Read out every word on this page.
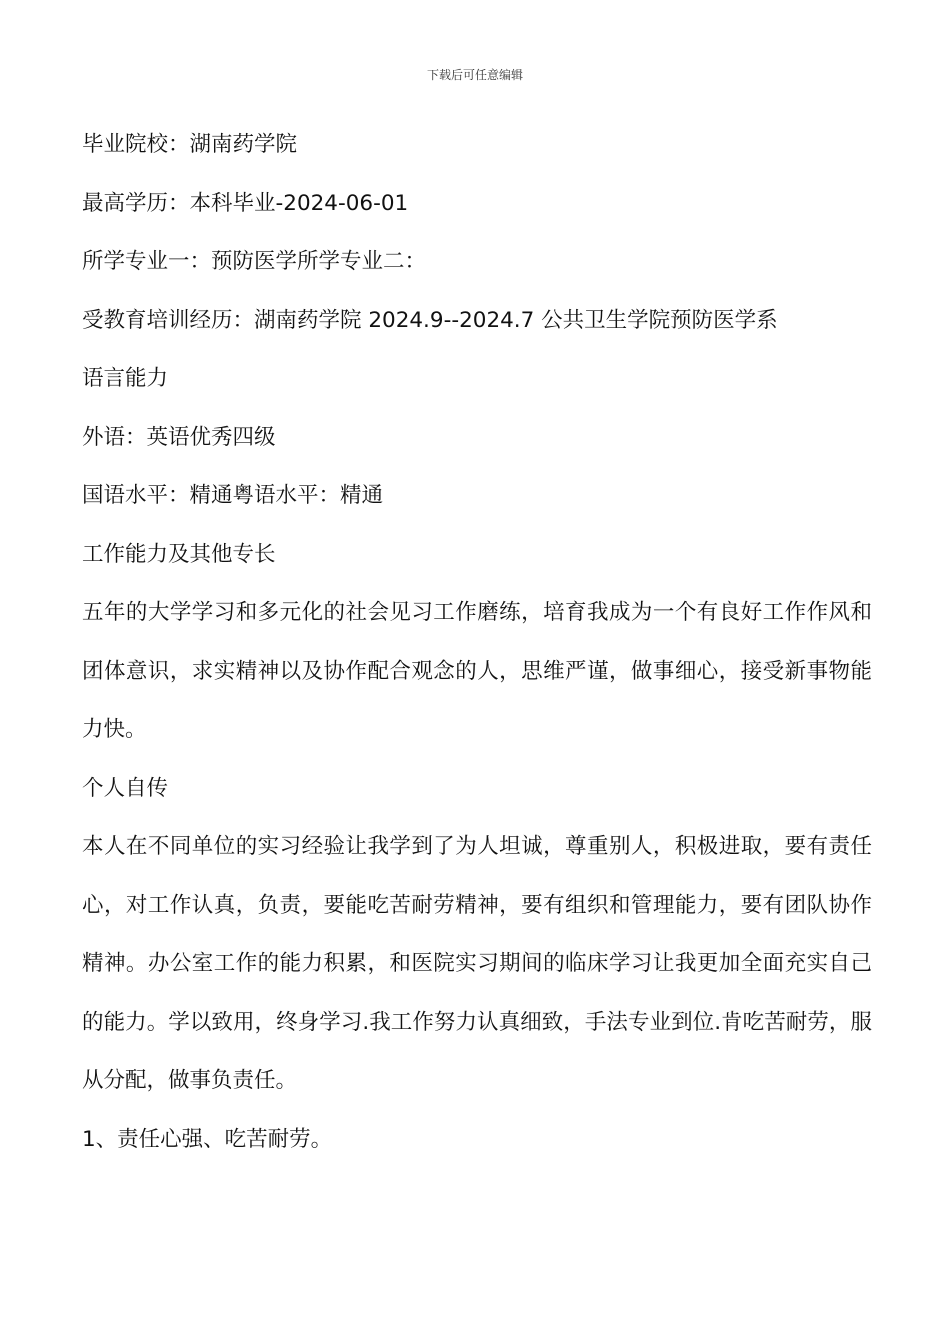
下载后可任意编辑
毕业院校：湖南药学院
最高学历：本科毕业-2024-06-01
所学专业一：预防医学所学专业二：
受教育培训经历：湖南药学院 2024.9--2024.7 公共卫生学院预防医学系
语言能力
外语：英语优秀四级
国语水平：精通粤语水平：精通
工作能力及其他专长

五年的大学学习和多元化的社会见习工作磨练，培育我成为一个有良好工作作风和团体意识，求实精神以及协作配合观念的人，思维严谨，做事细心，接受新事物能力快。

个人自传

本人在不同单位的实习经验让我学到了为人坦诚，尊重别人，积极进取，要有责任心，对工作认真，负责，要能吃苦耐劳精神，要有组织和管理能力，要有团队协作精神。办公室工作的能力积累，和医院实习期间的临床学习让我更加全面充实自己的能力。学以致用，终身学习.我工作努力认真细致，手法专业到位.肯吃苦耐劳，服从分配，做事负责任。

1、责任心强、吃苦耐劳。
